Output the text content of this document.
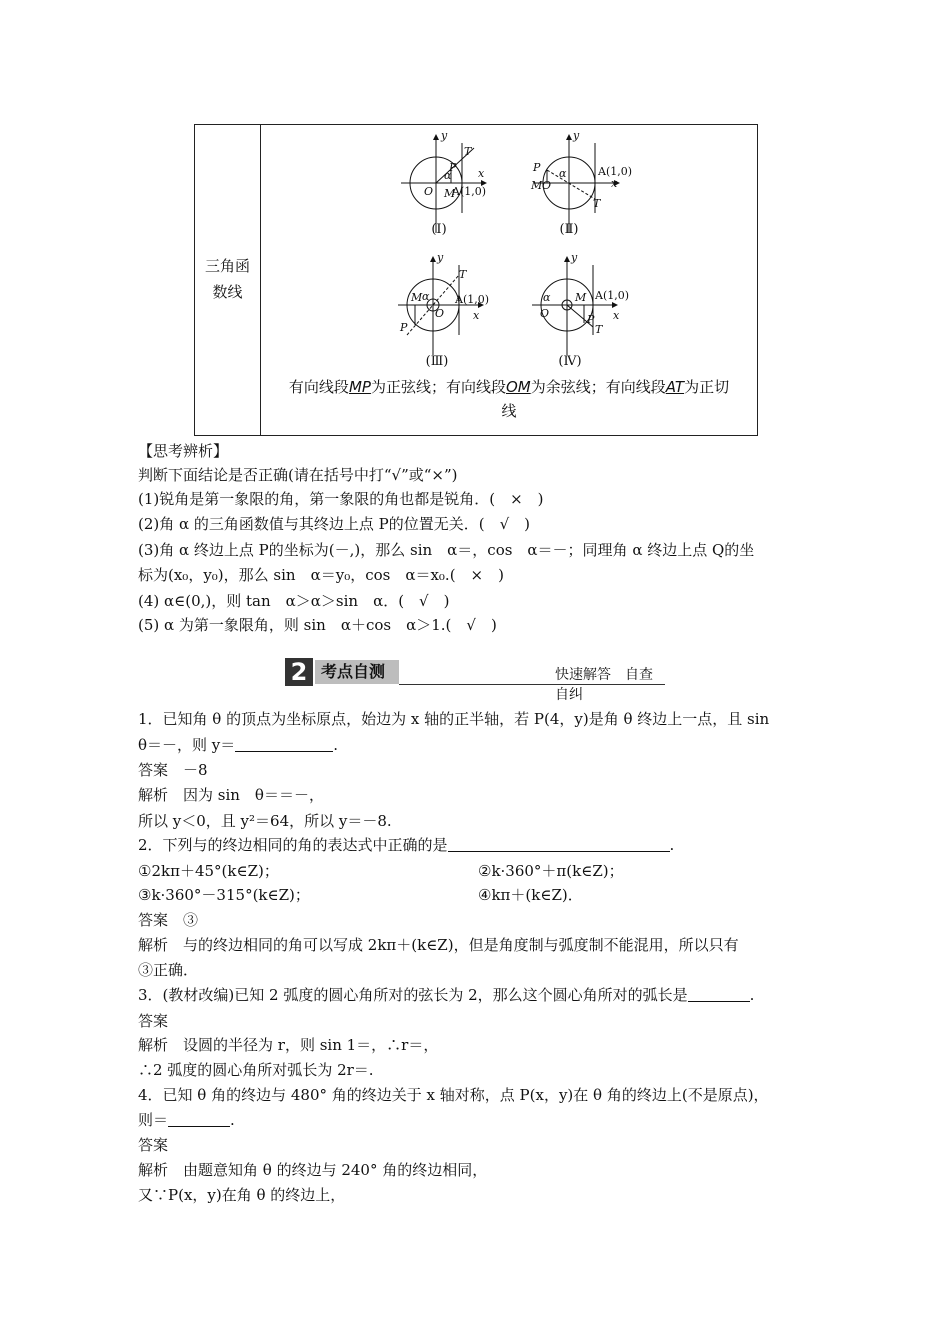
三角函
数线
y
x
O M
P
T
α
A(1,0)
y
x
M O
P
T
α	A(1,0)
y
x
M
O
P
T
α A(1,0)
y
x
O
M
P
T
α	A(1,0)
(Ⅰ)	(Ⅱ)
(Ⅲ)	(Ⅳ)
有向线段MP为正弦线；有向线段OM为余弦线；有向线段AT为正切
线
【思考辨析】
判断下面结论是否正确(请在括号中打“√”或“×”)
(1)锐角是第一象限的角，第一象限的角也都是锐角．(　×　)
(2)角 α 的三角函数值与其终边上点 P的位置无关．(　√　)
(3)角 α 终边上点 P的坐标为(－,)，那么 sin　α＝，cos　α＝－；同理角 α 终边上点 Q的坐
标为(x₀，y₀)，那么 sin　α＝y₀，cos　α＝x₀.(　×　)
(4) α∈(0,)，则 tan　α＞α＞sin　α．(　√　)
(5) α 为第一象限角，则 sin　α＋cos　α＞1.(　√　)
2 考点自测	快速解答　自查自纠
1．已知角 θ 的顶点为坐标原点，始边为 x 轴的正半轴，若 P(4，y)是角 θ 终边上一点，且 sin
θ＝－，则 y＝	.
答案　－8
解析　因为 sin　θ＝＝－，
所以 y＜0，且 y²＝64，所以 y＝－8.
2．下列与的终边相同的角的表达式中正确的是	.
①2kπ＋45°(k∈Z)；	②k·360°＋π(k∈Z)；
③k·360°－315°(k∈Z)；	④kπ＋(k∈Z)．
答案　③
解析　与的终边相同的角可以写成 2kπ＋(k∈Z)，但是角度制与弧度制不能混用，所以只有
③正确．
3．(教材改编)已知 2 弧度的圆心角所对的弦长为 2，那么这个圆心角所对的弧长是	.
答案
解析　设圆的半径为 r，则 sin 1＝，∴r＝，
∴2 弧度的圆心角所对弧长为 2r＝.
4．已知 θ 角的终边与 480° 角的终边关于 x 轴对称，点 P(x，y)在 θ 角的终边上(不是原点)，
则＝	.
答案
解析　由题意知角 θ 的终边与 240° 角的终边相同，
又∵P(x，y)在角 θ 的终边上，
